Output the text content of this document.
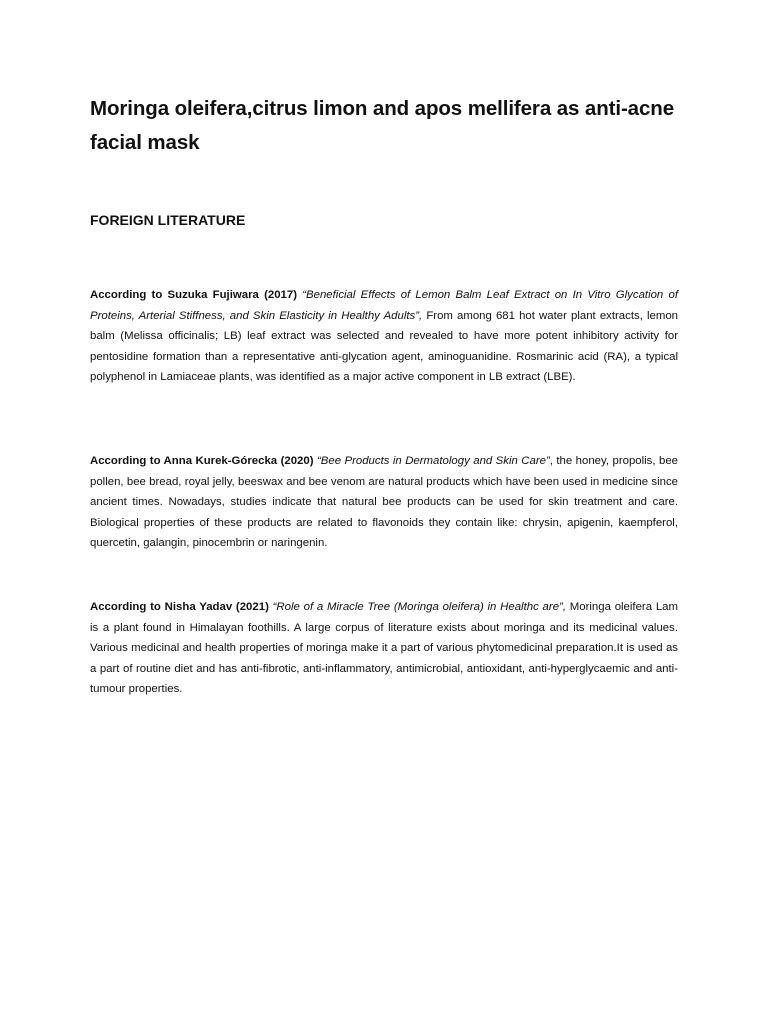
Moringa oleifera,citrus limon and apos mellifera as anti-acne facial mask
FOREIGN LITERATURE

According to Suzuka Fujiwara (2017) “Beneficial Effects of Lemon Balm Leaf Extract on In Vitro Glycation of Proteins, Arterial Stiffness, and Skin Elasticity in Healthy Adults”, From among 681 hot water plant extracts, lemon balm (Melissa officinalis; LB) leaf extract was selected and revealed to have more potent inhibitory activity for pentosidine formation than a representative anti-glycation agent, aminoguanidine. Rosmarinic acid (RA), a typical polyphenol in Lamiaceae plants, was identified as a major active component in LB extract (LBE).

According to Anna Kurek-Górecka (2020) “Bee Products in Dermatology and Skin Care”, the honey, propolis, bee pollen, bee bread, royal jelly, beeswax and bee venom are natural products which have been used in medicine since ancient times. Nowadays, studies indicate that natural bee products can be used for skin treatment and care. Biological properties of these products are related to flavonoids they contain like: chrysin, apigenin, kaempferol, quercetin, galangin, pinocembrin or naringenin.

According to Nisha Yadav (2021) “Role of a Miracle Tree (Moringa oleifera) in Healthc are”, Moringa oleifera Lam is a plant found in Himalayan foothills. A large corpus of literature exists about moringa and its medicinal values. Various medicinal and health properties of moringa make it a part of various phytomedicinal preparation.It is used as a part of routine diet and has anti-fibrotic, anti-inflammatory, antimicrobial, antioxidant, anti-hyperglycaemic and anti-tumour properties.
